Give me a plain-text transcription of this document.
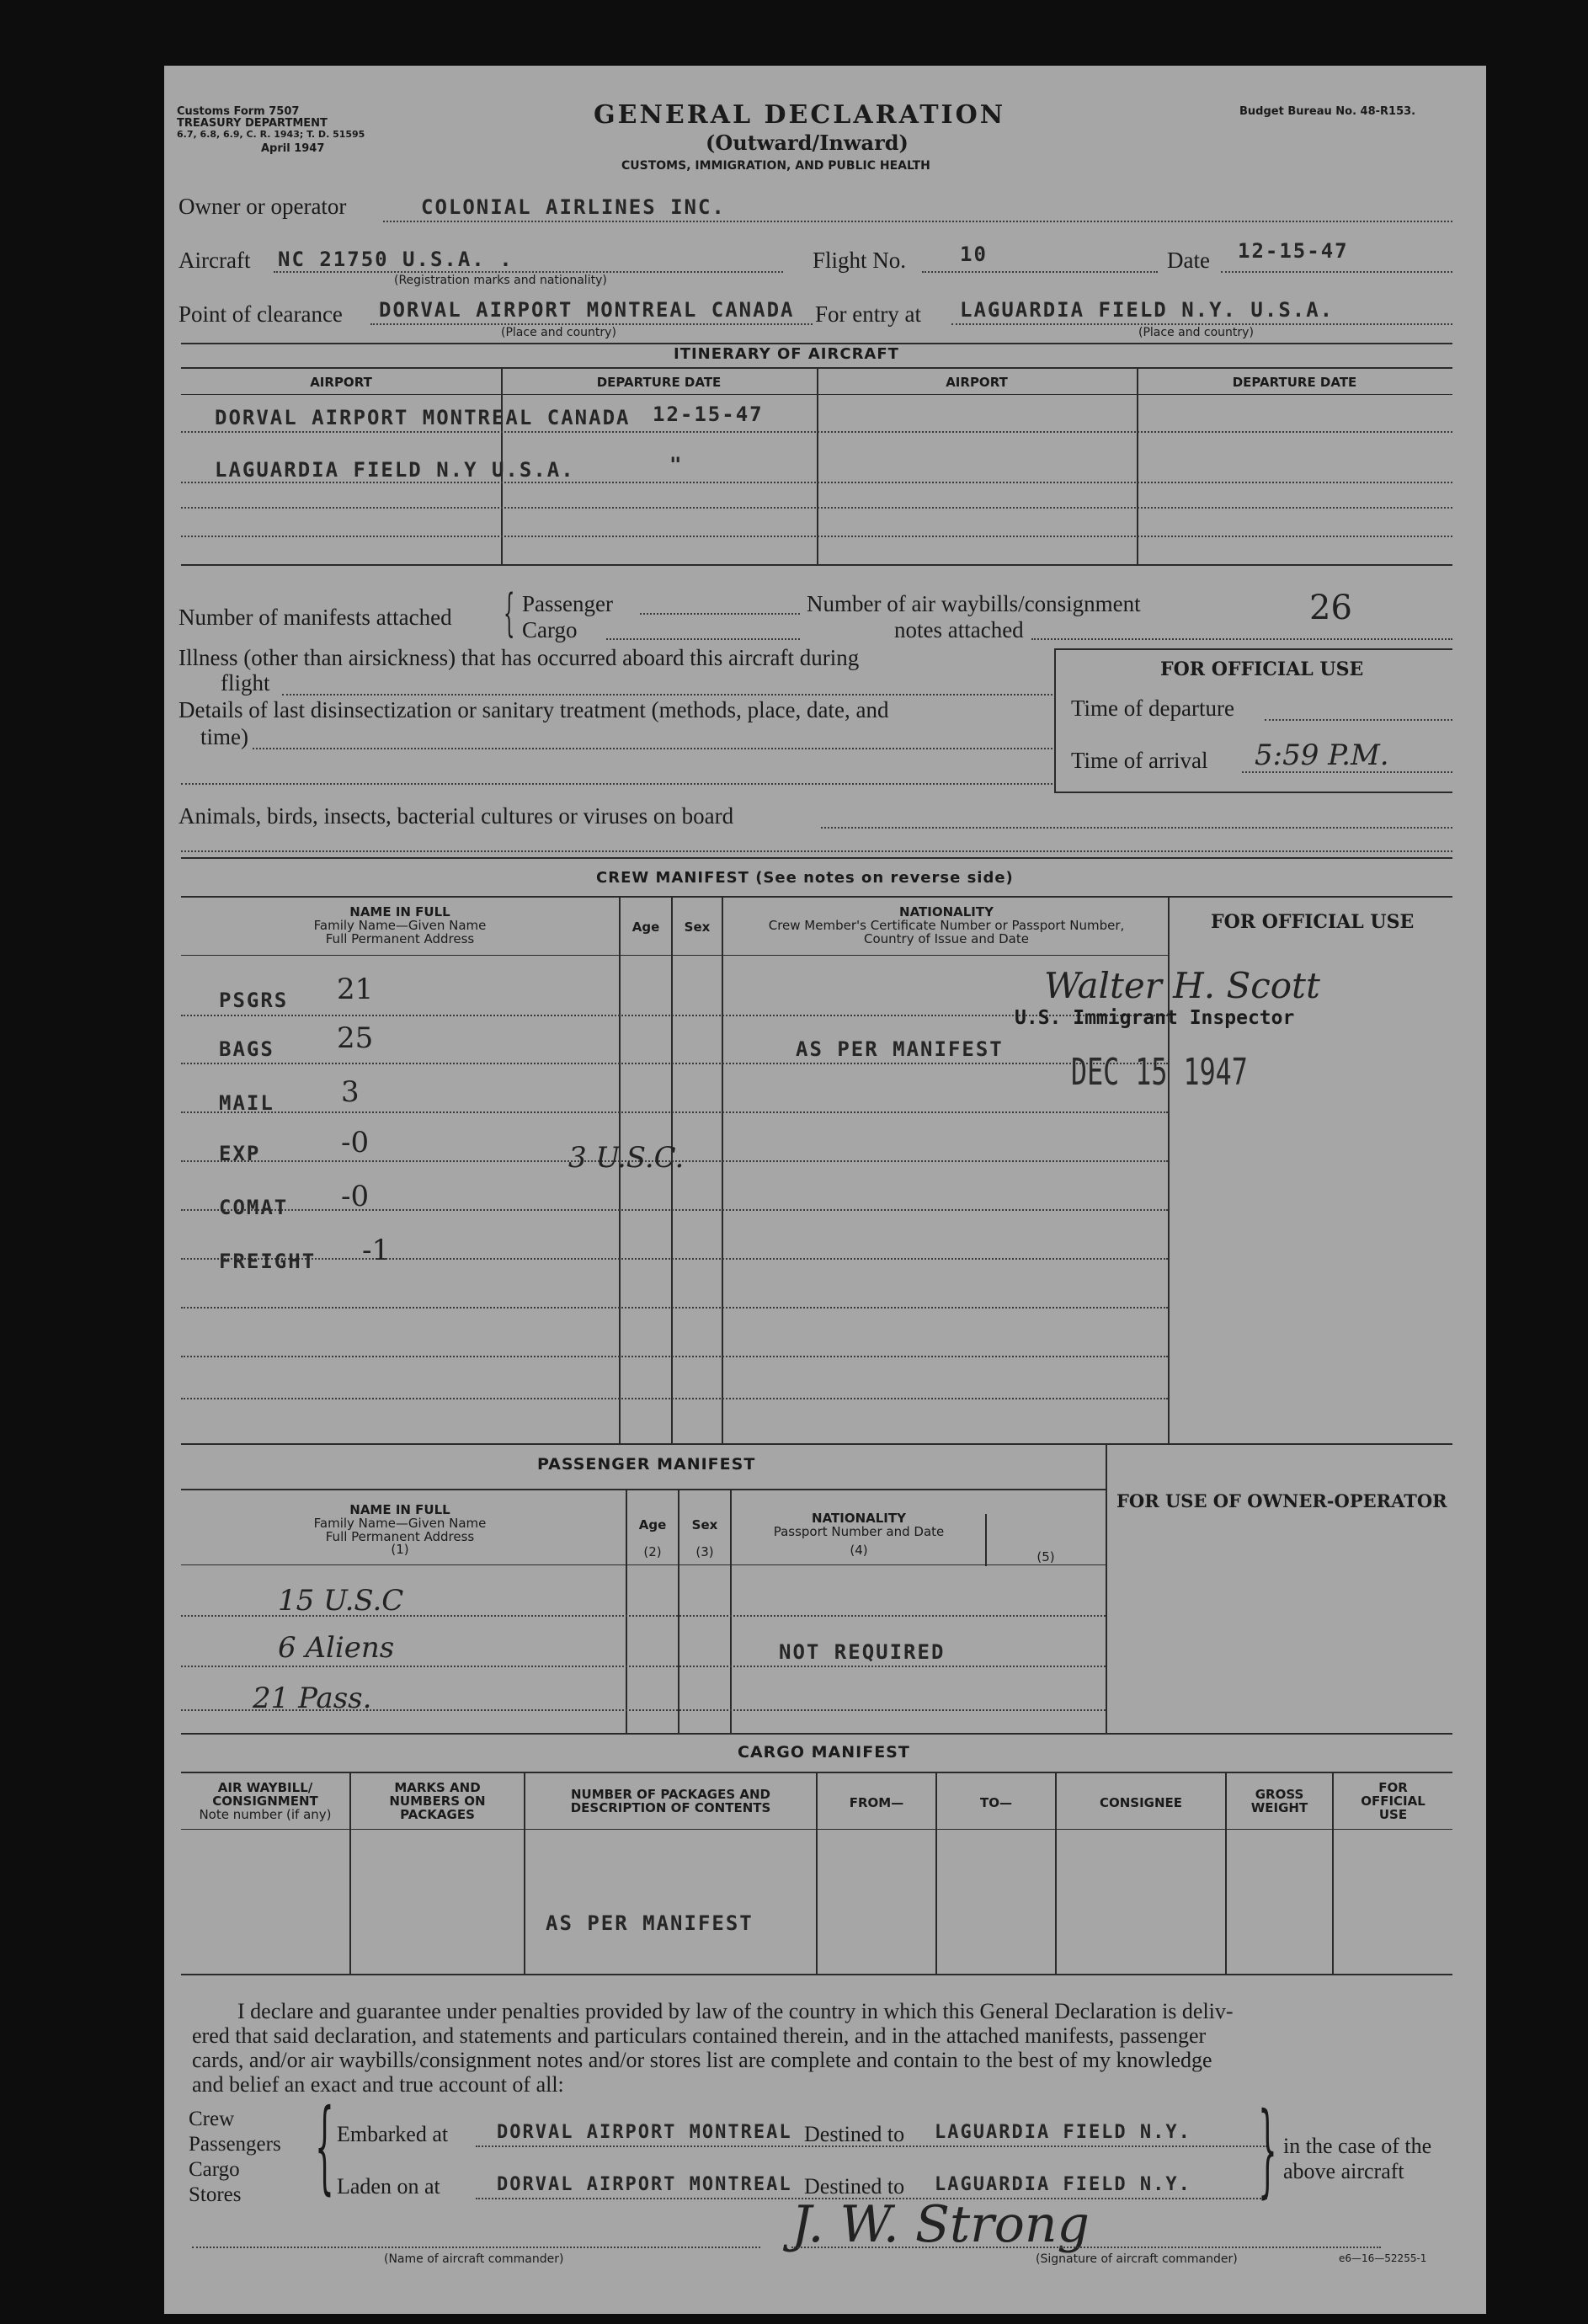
Customs Form 7507
TREASURY DEPARTMENT
6.7, 6.8, 6.9, C. R. 1943; T. D. 51595
April 1947
GENERAL DECLARATION
(Outward/Inward)
CUSTOMS, IMMIGRATION, AND PUBLIC HEALTH
Budget Bureau No. 48-R153.
Owner or operator	COLONIAL AIRLINES INC.
Aircraft NC 21750 U.S.A. .
(Registration marks and nationality)
Flight No.	10	Date 12-15-47
Point of clearance DORVAL AIRPORT MONTREAL CANADA
(Place and country)
For entry at LAGUARDIA FIELD N.Y. U.S.A.
(Place and country)
ITINERARY OF AIRCRAFT
AIRPORT	DEPARTURE DATE	AIRPORT	DEPARTURE DATE
DORVAL AIRPORT MONTREAL CANADA 12-15-47
LAGUARDIA FIELD N.Y U.S.A.	"
Number of manifests attached { Passenger
Cargo
Number of air waybills/consignment
notes attached
26
Illness (other than airsickness) that has occurred aboard this aircraft during
flight
Details of last disinsectization or sanitary treatment (methods, place, date, and
time)
FOR OFFICIAL USE
Time of departure
Time of arrival 5:59 P.M.
Animals, birds, insects, bacterial cultures or viruses on board
CREW MANIFEST (See notes on reverse side)
NAME IN FULL
Family Name—Given Name
Full Permanent Address
Age	Sex
NATIONALITY
Crew Member's Certificate Number or Passport Number,
Country of Issue and Date
FOR OFFICIAL USE
PSGRS 21
BAGS 25
MAIL 3
EXP	-0
COMAT -0
FREIGHT -1
3 U.S.C.
AS PER MANIFEST
Walter H. Scott
U.S. Immigrant Inspector
DEC 15 1947
PASSENGER MANIFEST
NAME IN FULL
Family Name—Given Name
Full Permanent Address
(1)
Age
(2)
Sex
(3)
NATIONALITY
Passport Number and Date
(4)	(5)
FOR USE OF OWNER-OPERATOR
15 U.S.C
6 Aliens
21 Pass.
NOT REQUIRED
CARGO MANIFEST
AIR WAYBILL/
CONSIGNMENT
Note number (if any)
MARKS AND
NUMBERS ON
PACKAGES
NUMBER OF PACKAGES AND
DESCRIPTION OF CONTENTS	FROM—	TO—	CONSIGNEE
GROSS
WEIGHT
FOR
OFFICIAL
USE
AS PER MANIFEST
I declare and guarantee under penalties provided by law of the country in which this General Declaration is deliv-
ered that said declaration, and statements and particulars contained therein, and in the attached manifests, passenger
cards, and/or air waybills/consignment notes and/or stores list are complete and contain to the best of my knowledge
and belief an exact and true account of all:
Crew
Passengers
Cargo
Stores { Embarked at	DORVAL AIRPORT MONTREAL Destined to LAGUARDIA FIELD N.Y.
Laden on at	DORVAL AIRPORT MONTREAL Destined to LAGUARDIA FIELD N.Y. } in the case of the
above aircraft
J. W. Strong
(Name of aircraft commander)	(Signature of aircraft commander)	e6—16—52255-1
